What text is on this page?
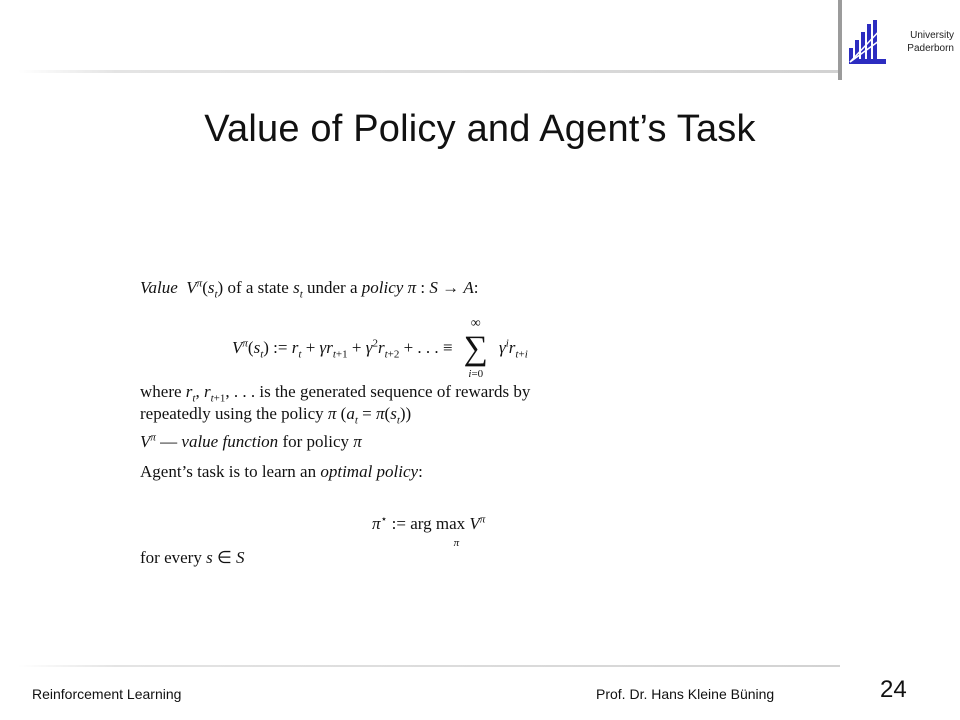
University
Paderborn
Value of Policy and Agent’s Task
Value  $V^\pi(s_t)$ of a state $s_t$ under a policy π : S → A:
$V^\pi(s_t)$ := $r_t + \gamma r_{t+1} + \gamma^2r_{t+2}$ + . . . ≡
∞
∑
i=0
$\gamma^ir_{t+i}$
where $r_t$, $r_{t+1}$, . . . is the generated sequence of rewards by
repeatedly using the policy π $(a_t = \pi(s_t))$
$V^\pi$ — value function for policy π
Agent’s task is to learn an optimal policy:
π⋆ := arg max
π
$V^\pi$
for every s ∈ S
Reinforcement Learning	Prof. Dr. Hans Kleine Büning	24
